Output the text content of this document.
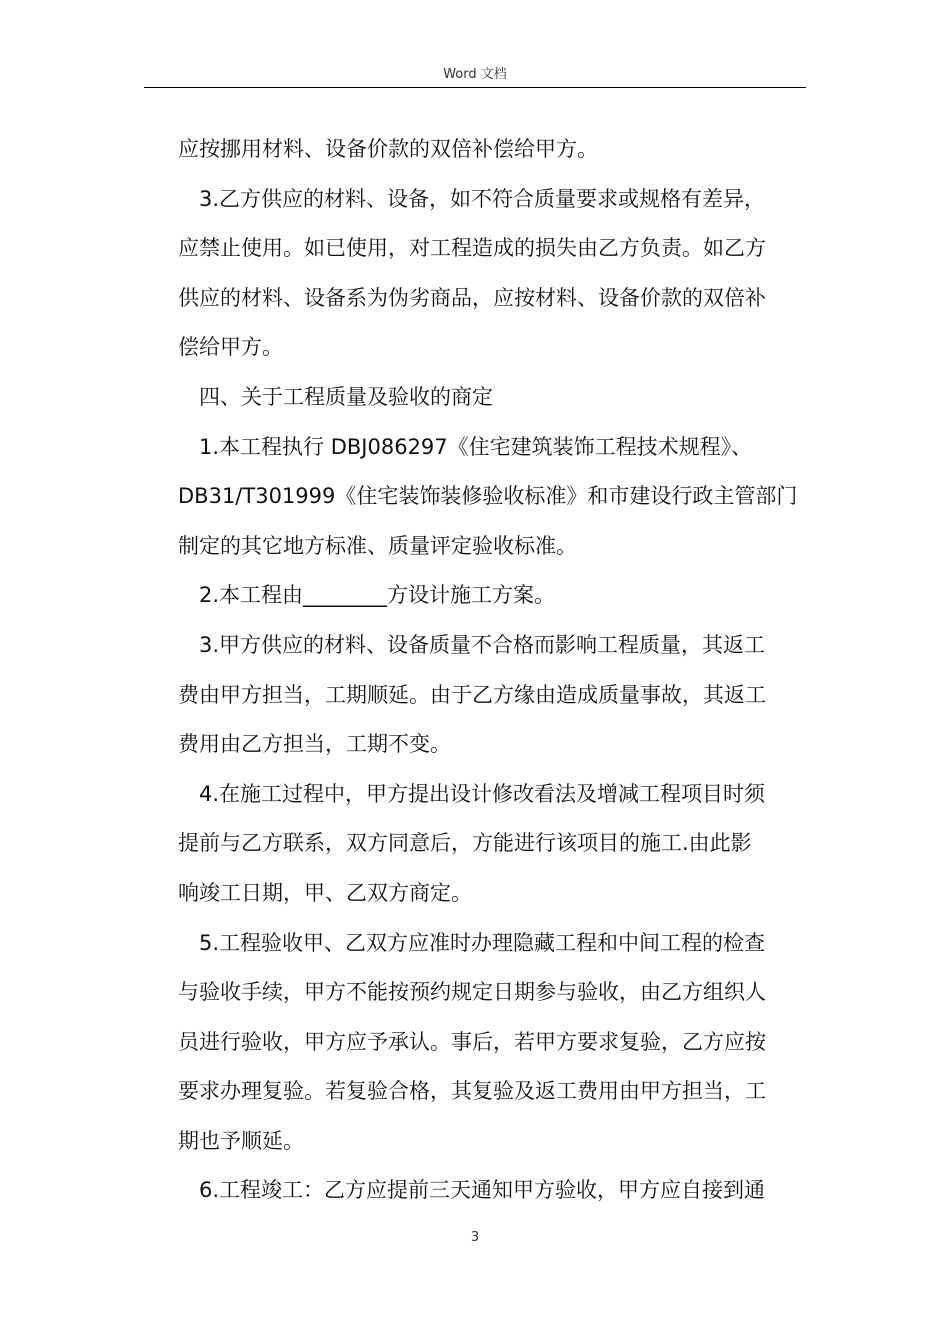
Word 文档
应按挪用材料、设备价款的双倍补偿给甲方。
3.乙方供应的材料、设备，如不符合质量要求或规格有差异，
应禁止使用。如已使用，对工程造成的损失由乙方负责。如乙方
供应的材料、设备系为伪劣商品，应按材料、设备价款的双倍补
偿给甲方。
四、关于工程质量及验收的商定
1.本工程执行 DBJ086297《住宅建筑装饰工程技术规程》、
DB31/T301999《住宅装饰装修验收标准》和市建设行政主管部门
制定的其它地方标准、质量评定验收标准。
2.本工程由________方设计施工方案。
3.甲方供应的材料、设备质量不合格而影响工程质量，其返工
费由甲方担当，工期顺延。由于乙方缘由造成质量事故，其返工
费用由乙方担当，工期不变。
4.在施工过程中，甲方提出设计修改看法及增减工程项目时须
提前与乙方联系，双方同意后，方能进行该项目的施工.由此影
响竣工日期，甲、乙双方商定。
5.工程验收甲、乙双方应准时办理隐藏工程和中间工程的检查
与验收手续，甲方不能按预约规定日期参与验收，由乙方组织人
员进行验收，甲方应予承认。事后，若甲方要求复验，乙方应按
要求办理复验。若复验合格，其复验及返工费用由甲方担当，工
期也予顺延。
6.工程竣工：乙方应提前三天通知甲方验收，甲方应自接到通
3
